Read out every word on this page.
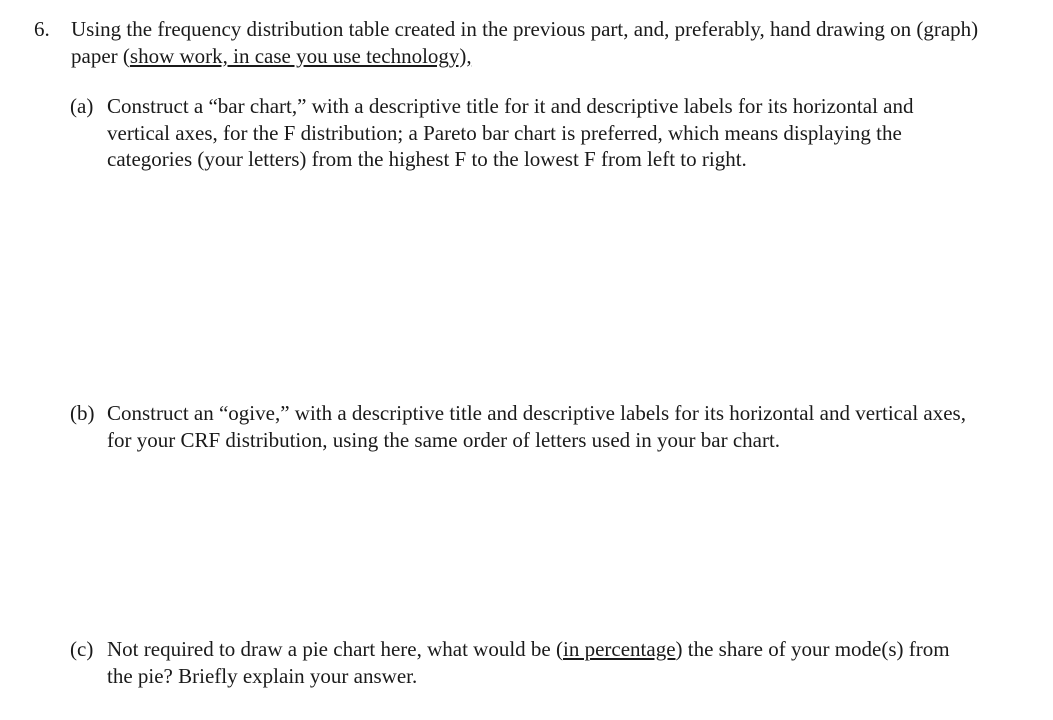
6.	Using the frequency distribution table created in the previous part, and, preferably, hand drawing on (graph) paper (show work, in case you use technology),
(a) Construct a “bar chart,” with a descriptive title for it and descriptive labels for its horizontal and vertical axes, for the F distribution; a Pareto bar chart is preferred, which means displaying the categories (your letters) from the highest F to the lowest F from left to right.
(b) Construct an “ogive,” with a descriptive title and descriptive labels for its horizontal and vertical axes, for your CRF distribution, using the same order of letters used in your bar chart.
(c) Not required to draw a pie chart here, what would be (in percentage) the share of your mode(s) from the pie? Briefly explain your answer.
